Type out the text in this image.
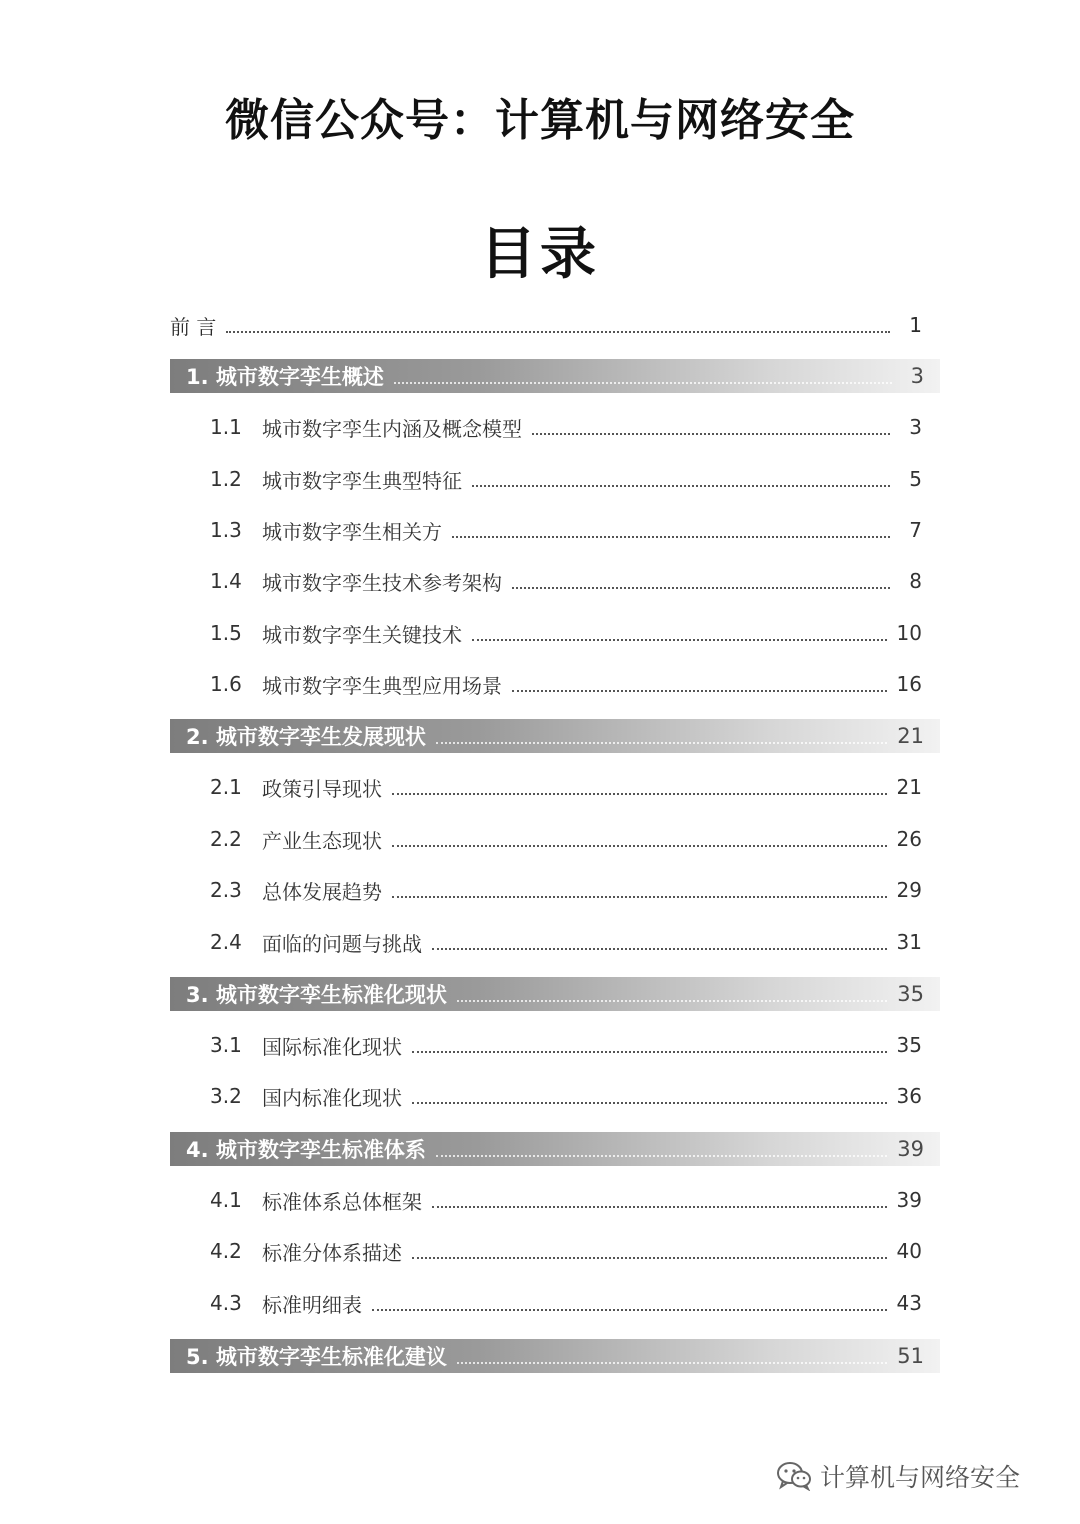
微信公众号：计算机与网络安全
目录
前 言	1
1. 城市数字孪生概述	3
1.1	城市数字孪生内涵及概念模型	3
1.2	城市数字孪生典型特征	5
1.3	城市数字孪生相关方	7
1.4	城市数字孪生技术参考架构	8
1.5	城市数字孪生关键技术	10
1.6	城市数字孪生典型应用场景	16
2. 城市数字孪生发展现状	21
2.1	政策引导现状	21
2.2	产业生态现状	26
2.3	总体发展趋势	29
2.4	面临的问题与挑战	31
3. 城市数字孪生标准化现状	35
3.1	国际标准化现状	35
3.2	国内标准化现状	36
4. 城市数字孪生标准体系	39
4.1	标准体系总体框架	39
4.2	标准分体系描述	40
4.3	标准明细表	43
5. 城市数字孪生标准化建议	51
计算机与网络安全
